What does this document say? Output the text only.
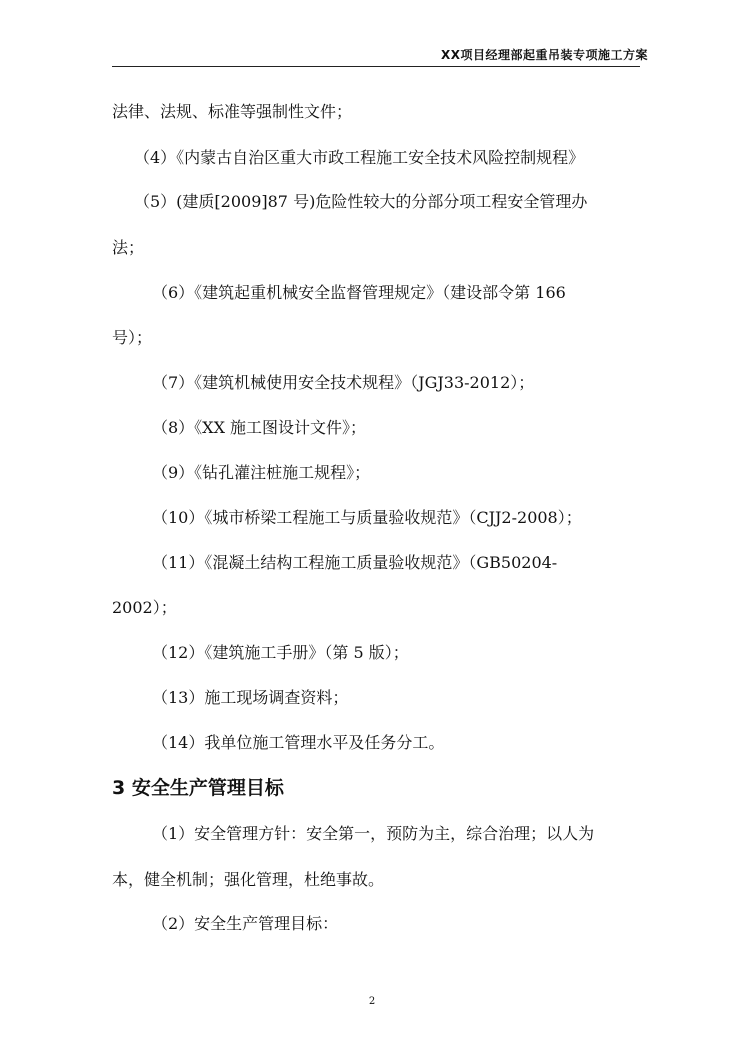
XX项目经理部起重吊装专项施工方案
法律、法规、标准等强制性文件；
（4）《内蒙古自治区重大市政工程施工安全技术风险控制规程》
（5）(建质[2009]87 号)危险性较大的分部分项工程安全管理办
法；
（6）《建筑起重机械安全监督管理规定》（建设部令第 166
号）；
（7）《建筑机械使用安全技术规程》（JGJ33-2012）；
（8）《XX 施工图设计文件》；
（9）《钻孔灌注桩施工规程》；
（10）《城市桥梁工程施工与质量验收规范》（CJJ2-2008）；
（11）《混凝土结构工程施工质量验收规范》（GB50204-
2002）；
（12）《建筑施工手册》（第 5 版）；
（13）施工现场调查资料；
（14）我单位施工管理水平及任务分工。
3 安全生产管理目标
（1）安全管理方针：安全第一，预防为主，综合治理；以人为
本，健全机制；强化管理，杜绝事故。
（2）安全生产管理目标：
2
